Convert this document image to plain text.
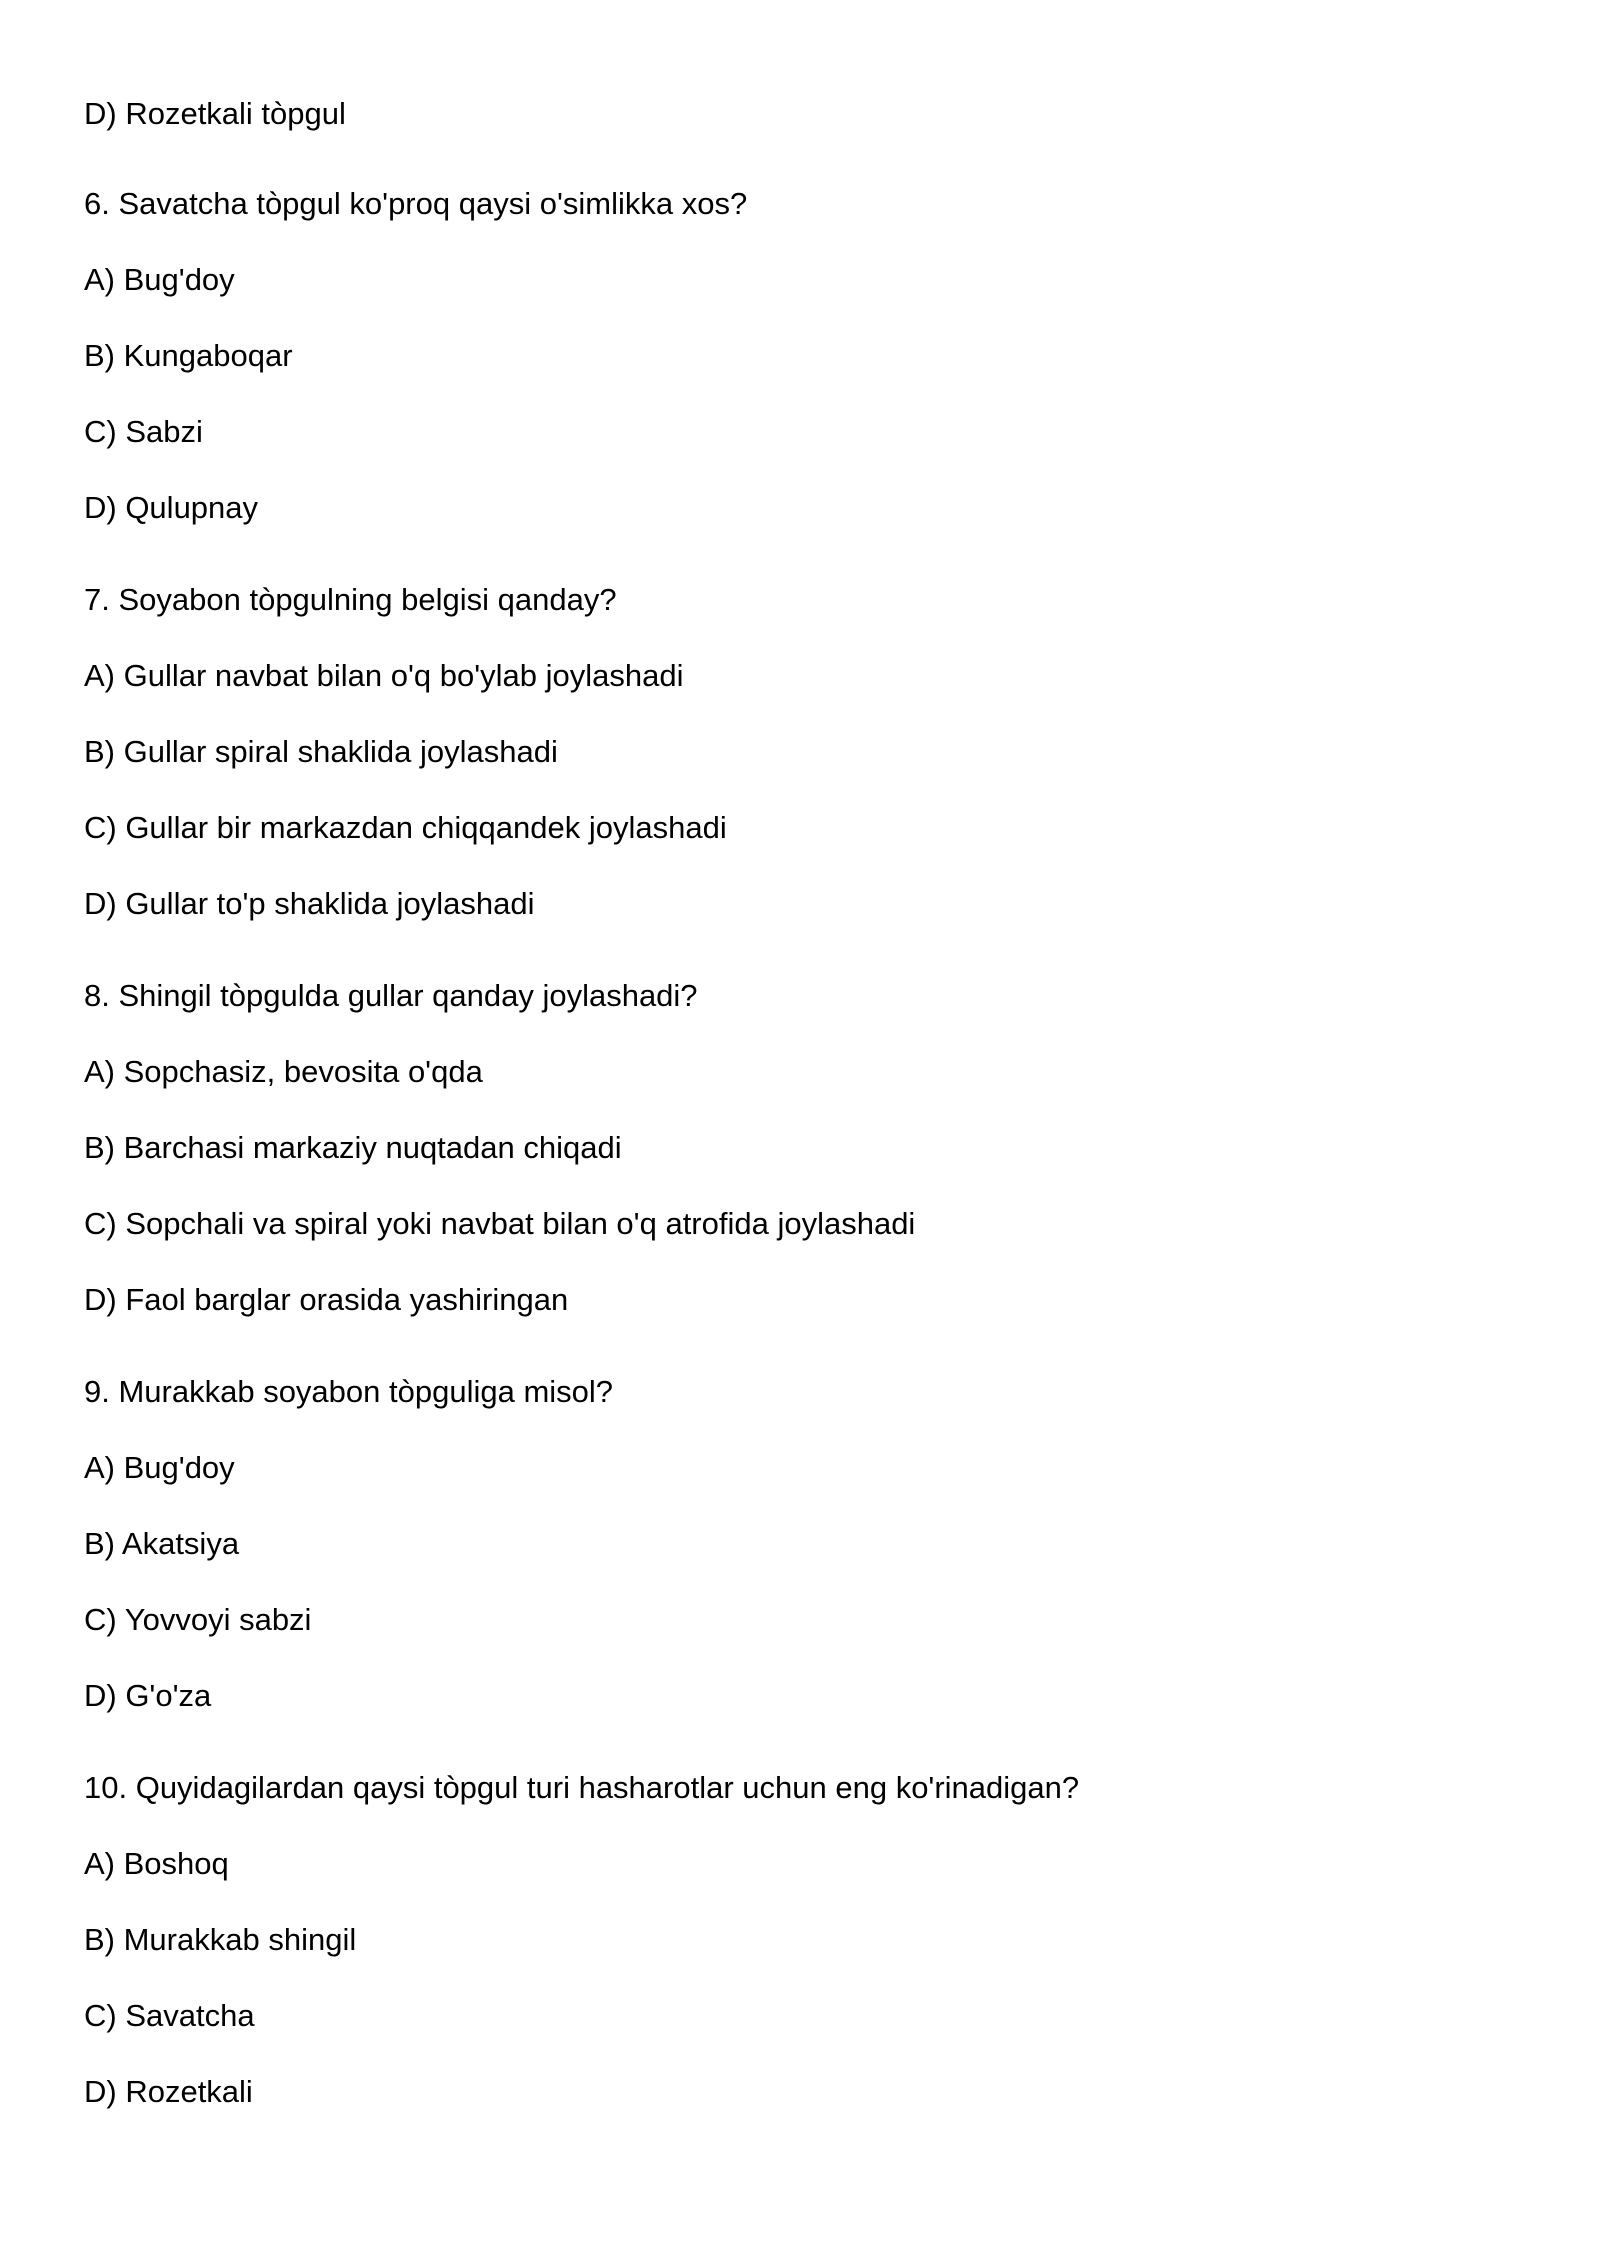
D) Rozetkali tòpgul

6. Savatcha tòpgul ko'proq qaysi o'simlikka xos?

A) Bug'doy

B) Kungaboqar

C) Sabzi

D) Qulupnay

7. Soyabon tòpgulning belgisi qanday?

A) Gullar navbat bilan o'q bo'ylab joylashadi

B) Gullar spiral shaklida joylashadi

C) Gullar bir markazdan chiqqandek joylashadi

D) Gullar to'p shaklida joylashadi

8. Shingil tòpgulda gullar qanday joylashadi?

A) Sopchasiz, bevosita o'qda

B) Barchasi markaziy nuqtadan chiqadi

C) Sopchali va spiral yoki navbat bilan o'q atrofida joylashadi

D) Faol barglar orasida yashiringan

9. Murakkab soyabon tòpguliga misol?

A) Bug'doy

B) Akatsiya

C) Yovvoyi sabzi

D) G'o'za

10. Quyidagilardan qaysi tòpgul turi hasharotlar uchun eng ko'rinadigan?

A) Boshoq

B) Murakkab shingil

C) Savatcha

D) Rozetkali
